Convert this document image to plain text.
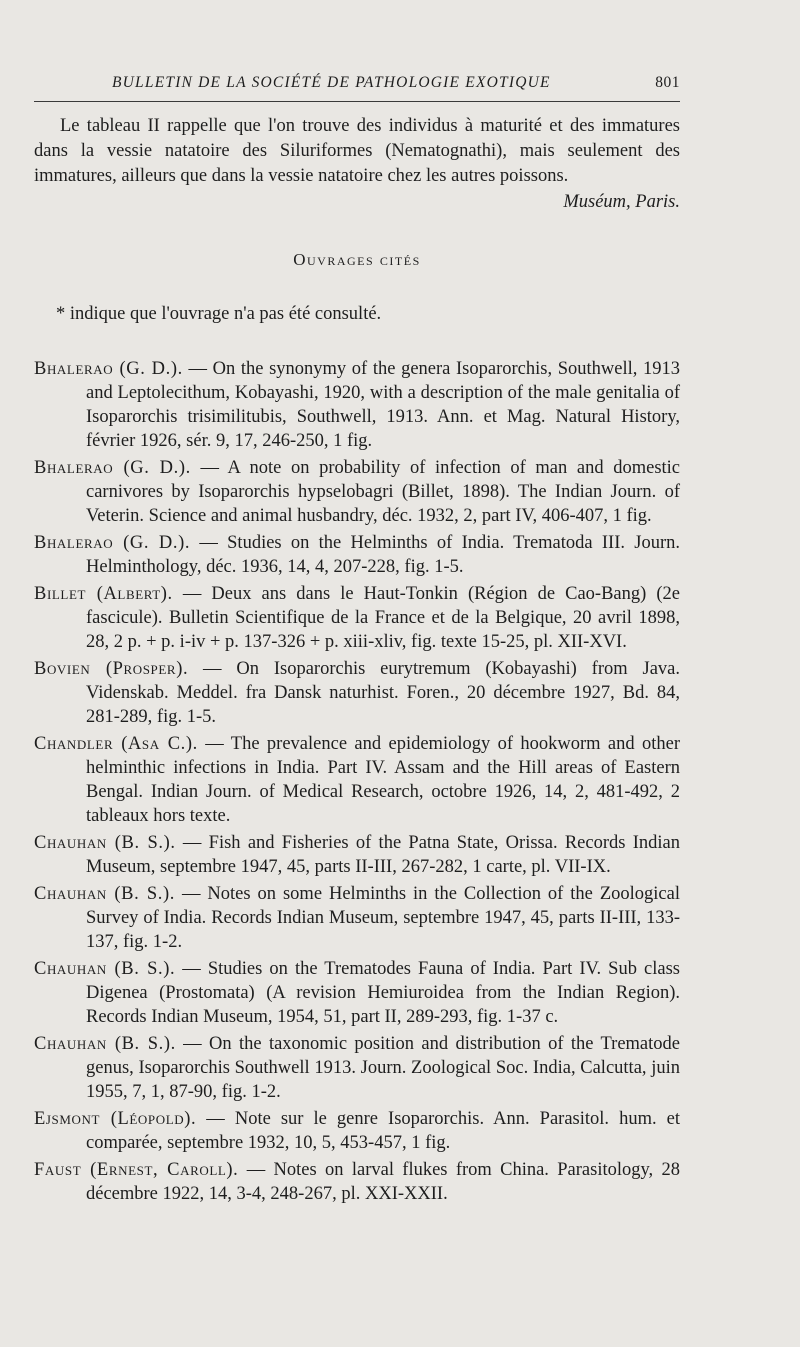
BULLETIN DE LA SOCIÉTÉ DE PATHOLOGIE EXOTIQUE	801

Le tableau II rappelle que l'on trouve des individus à maturité et des immatures dans la vessie natatoire des Siluriformes (Nematognathi), mais seulement des immatures, ailleurs que dans la vessie natatoire chez les autres poissons.

Muséum, Paris.
Ouvrages cités
* indique que l'ouvrage n'a pas été consulté.

Bhalerao (G. D.). — On the synonymy of the genera Isoparorchis, Southwell, 1913 and Leptolecithum, Kobayashi, 1920, with a description of the male genitalia of Isoparorchis trisimilitubis, Southwell, 1913. Ann. et Mag. Natural History, février 1926, sér. 9, 17, 246-250, 1 fig.

Bhalerao (G. D.). — A note on probability of infection of man and domestic carnivores by Isoparorchis hypselobagri (Billet, 1898). The Indian Journ. of Veterin. Science and animal husbandry, déc. 1932, 2, part IV, 406-407, 1 fig.

Bhalerao (G. D.). — Studies on the Helminths of India. Trematoda III. Journ. Helminthology, déc. 1936, 14, 4, 207-228, fig. 1-5.

Billet (Albert). — Deux ans dans le Haut-Tonkin (Région de Cao-Bang) (2e fascicule). Bulletin Scientifique de la France et de la Belgique, 20 avril 1898, 28, 2 p. + p. i-iv + p. 137-326 + p. xiii-xliv, fig. texte 15-25, pl. XII-XVI.

Bovien (Prosper). — On Isoparorchis eurytremum (Kobayashi) from Java. Videnskab. Meddel. fra Dansk naturhist. Foren., 20 décembre 1927, Bd. 84, 281-289, fig. 1-5.

Chandler (Asa C.). — The prevalence and epidemiology of hookworm and other helminthic infections in India. Part IV. Assam and the Hill areas of Eastern Bengal. Indian Journ. of Medical Research, octobre 1926, 14, 2, 481-492, 2 tableaux hors texte.

Chauhan (B. S.). — Fish and Fisheries of the Patna State, Orissa. Records Indian Museum, septembre 1947, 45, parts II-III, 267-282, 1 carte, pl. VII-IX.

Chauhan (B. S.). — Notes on some Helminths in the Collection of the Zoological Survey of India. Records Indian Museum, septembre 1947, 45, parts II-III, 133-137, fig. 1-2.

Chauhan (B. S.). — Studies on the Trematodes Fauna of India. Part IV. Sub class Digenea (Prostomata) (A revision Hemiuroidea from the Indian Region). Records Indian Museum, 1954, 51, part II, 289-293, fig. 1-37 c.

Chauhan (B. S.). — On the taxonomic position and distribution of the Trematode genus, Isoparorchis Southwell 1913. Journ. Zoological Soc. India, Calcutta, juin 1955, 7, 1, 87-90, fig. 1-2.

Ejsmont (Léopold). — Note sur le genre Isoparorchis. Ann. Parasitol. hum. et comparée, septembre 1932, 10, 5, 453-457, 1 fig.

Faust (Ernest, Caroll). — Notes on larval flukes from China. Parasitology, 28 décembre 1922, 14, 3-4, 248-267, pl. XXI-XXII.
